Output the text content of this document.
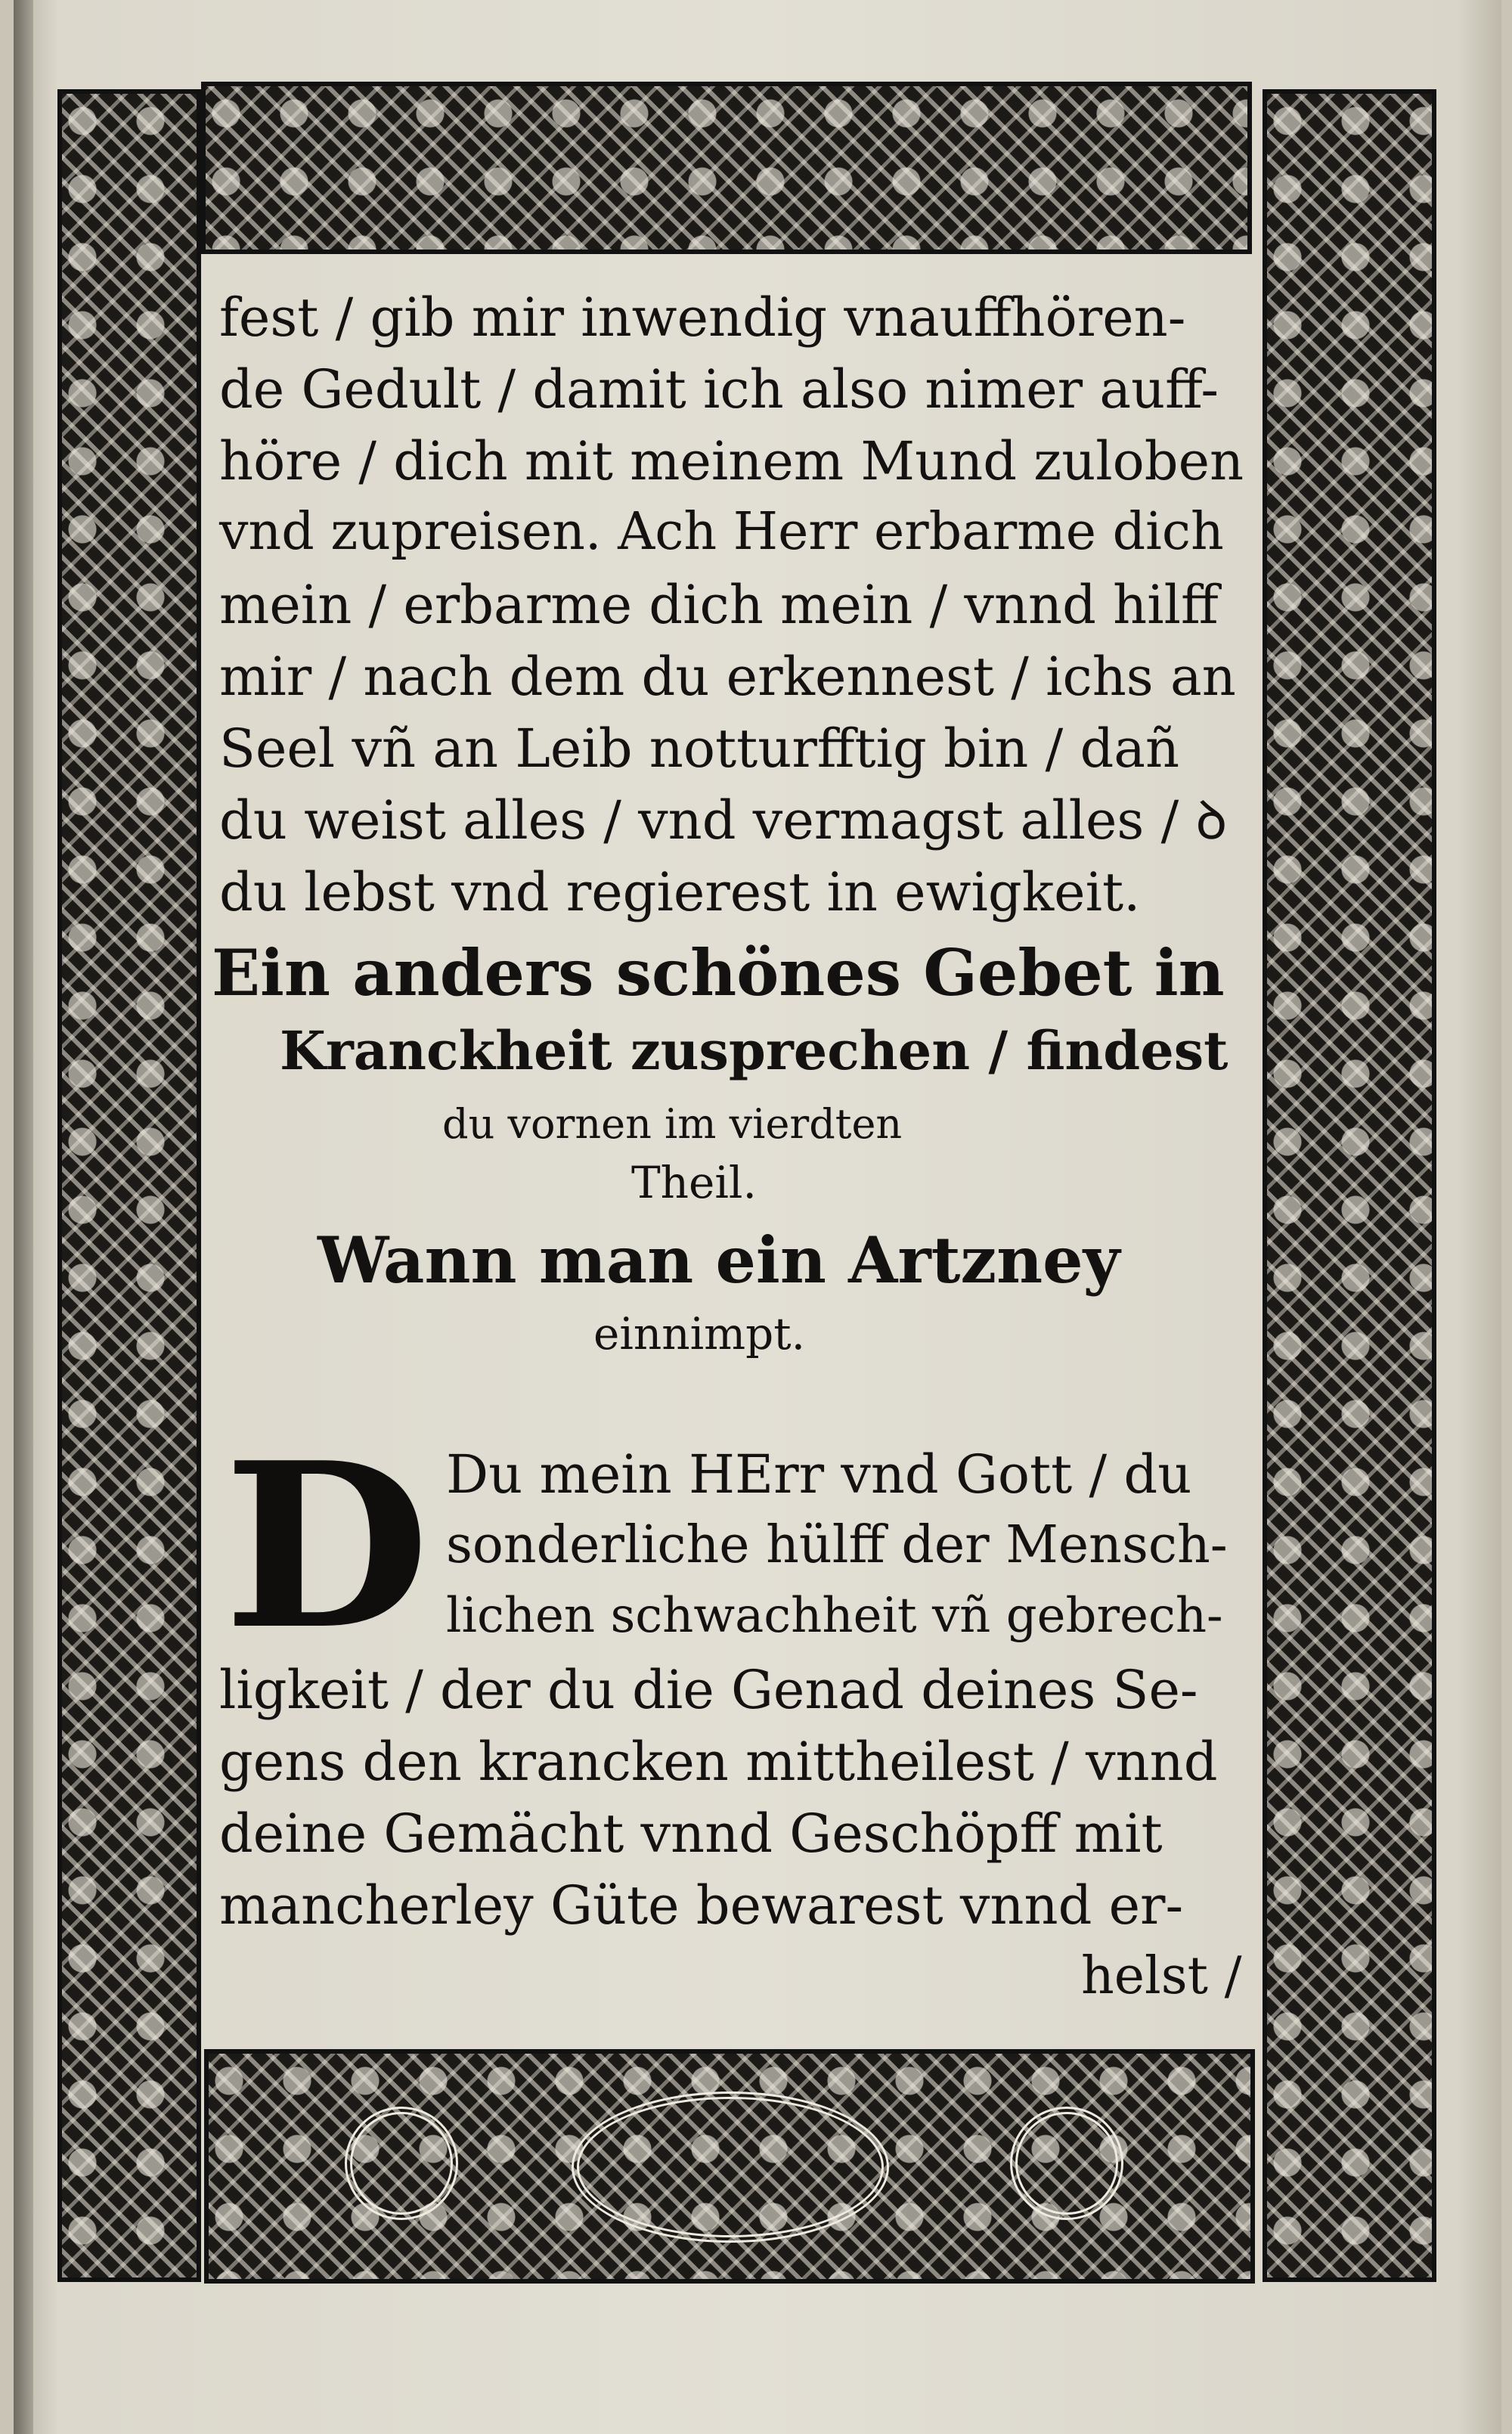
fest / gib mir inwendig vnauffhören-
de Gedult / damit ich also nimer auff-
höre / dich mit meinem Mund zuloben
vnd zupreisen. Ach Herr erbarme dich
mein / erbarme dich mein / vnnd hilff
mir / nach dem du erkennest / ichs an
Seel vñ an Leib notturfftig bin / dañ
du weist alles / vnd vermagst alles / ꝺ
du lebst vnd regierest in ewigkeit.
Ein anders schönes Gebet in
Kranckheit zusprechen / findest
du vornen im vierdten
Theil.
Wann man ein Artzney
einnimpt.
D Du mein HErr vnd Gott / du
sonderliche hülff der Mensch-
lichen schwachheit vñ gebrech-
ligkeit / der du die Genad deines Se-
gens den krancken mittheilest / vnnd
deine Gemächt vnnd Geschöpff mit
mancherley Güte bewarest vnnd er-
helst /
